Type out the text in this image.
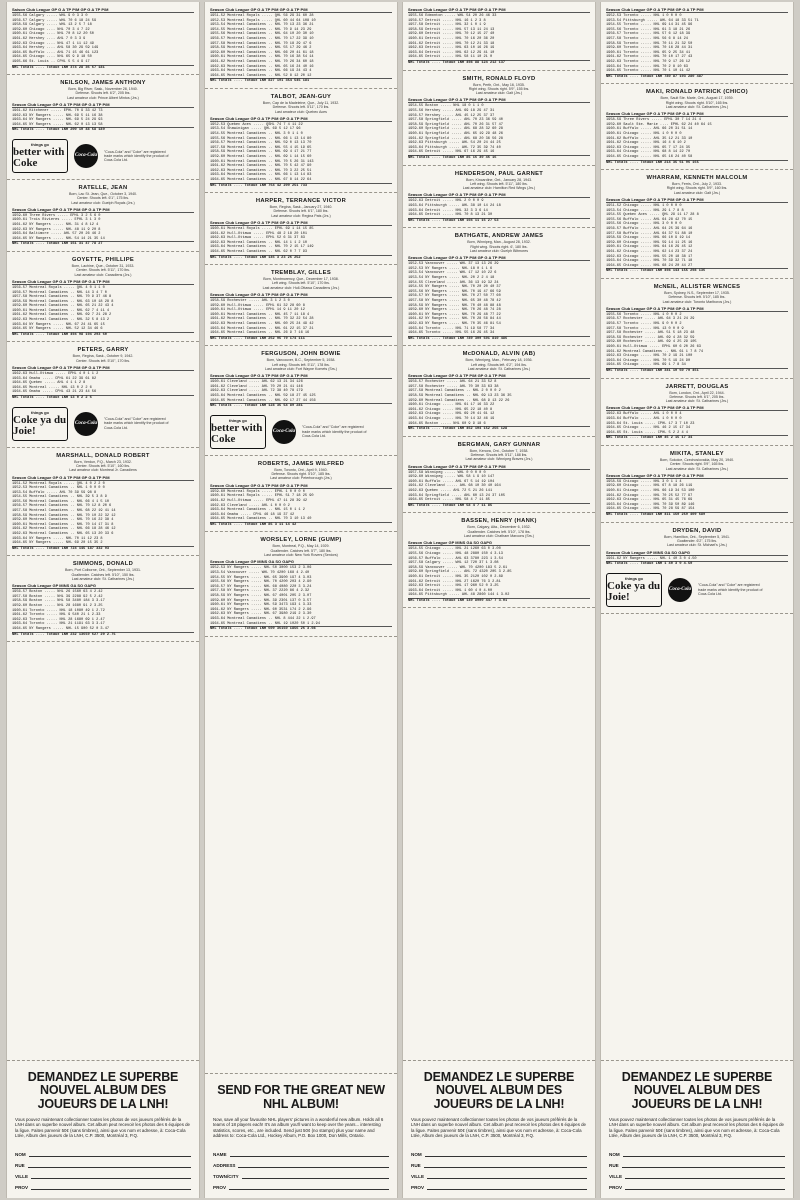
Saison Club League GP G A TP P/M GP G A TP P/M
1955-56 Calgary ..... WHL 9 0 3 3 0
1956-57 Calgary ..... WHL 70 6 18 24 59
1958-59 Calgary ..... WHL 13 2 5 7 18
1959-60 Chicago .... NHL 70 3 4 7 22
1960-61 Chicago .... NHL 70 8 12 20 50
1961-62 Hershey .... AHL 7 0 3 3 9
1962-63 Chicago .... NHL 47 1 11 12 49
1963-64 Hershey .... AHL 58 30 29 59 149
1964-65 Buffalo .... AHL 71 15 46 61 123
1964-65 Chicago .... NHL 65 9 9 18 50
1965-66 St. Louis .. CPHL 5 5 4 9 17
NHL Totals .... Totaux LNH 374 28 36 67 181
NEILSON, JAMES ANTHONY
Born, Big River, Sask., November 28, 1940.
Defense. Shoots left. 6'2", 205 lbs.
Last amateur club: Prince Albert Mintos (Jrs.)
Season Club League GP G A TP P/M GP G A TP P/M
1961-62 Kitchener ..... EPHL 70 9 33 42 73
1962-63 NY Rangers ..... NHL 69 5 11 16 38
1963-64 NY Rangers ..... NHL 69 5 24 29 93
1964-65 NY Rangers ..... NHL 62 0 13 13 58
NHL Totals .... Totaux LNH 200 10 48 58 189
things go
better with Coke
Coca-Cola
"Coca-Cola" and "Coke" are registered trade marks which identify the product of Coca-Cola Ltd.
RATELLE, JEAN
Born, Lac St. Jean, Que., October 3, 1940.
Center. Shoots left. 6'1", 175 lbs.
Last amateur club: Guelph Royals (Jrs.)
Season Club League GP G A TP P/M GP G A TP P/M
1959-60 Three Rivers ..... EPHL 3 2 5 6 0
1960-61 Trois Rivieres ..... EPHL 3 1 3 0
1961-62 NY Rangers ..... NHL 31 4 8 12 4
1962-63 NY Rangers ..... NHL 48 11 9 20 8
1963-64 Baltimore ..... AHL 57 20 26 46 2
1964-65 NY Rangers ..... NHL 54 14 21 35 14
NHL Totals .... Totaux LNH 161 31 47 78 27
GOYETTE, PHILLIPE
Born, Lachine, Que., October 31, 1933.
Center. Shoots left. 5'11", 170 lbs.
Last amateur club: Canadiens (Jrs.)
Season Club League GP G A TP P/M GP G A TP P/M
1956-57 Montreal Royals ..... QHL 4 0 1 1 0
1956-57 Montreal Canadiens .. NHL 14 3 4 7 0
1957-58 Montreal Canadiens .. NHL 70 9 37 46 8
1958-59 Montreal Canadiens .. NHL 63 10 18 28 8
1959-60 Montreal Canadiens .. NHL 65 21 22 43 4
1960-61 Montreal Canadiens .. NHL 62 7 4 11 4
1961-62 Montreal Canadiens .. NHL 69 7 21 28 2
1962-63 Montreal Canadiens .. NHL 32 5 8 13 2
1963-64 NY Rangers ..... NHL 67 24 41 65 15
1964-65 NY Rangers ..... NHL 52 12 34 46 6
NHL Totals .... Totaux LNH 494 98 194 293 60
PETERS, GARRY
Born, Regina, Sask., October 9, 1942.
Center. Shoots left. 5'10", 170 lbs.
Season Club League GP G A TP P/M GP G A TP P/M
1962-63 Hull-Ottawa ..... EPHL 4 0 1 1 2
1963-64 Omaha ..... CPHL 61 22 39 61 82
1964-65 Quebec ..... AHL 4 1 1 2 8
1964-65 Montreal ..... NHL 13 0 2 2 6
1964-65 Omaha ..... CPHL 43 21 23 44 56
NHL Totals .... Totaux LNH 13 0 2 2 6
things go
Coke ya du Joie!
Coca-Cola
"Coca-Cola" and "Coke" are registered trade marks which identify the product of Coca-Cola Ltd.
MARSHALL, DONALD ROBERT
Born, Verdun, P.Q., March 23, 1932.
Center. Shoots left. 5'10", 160 lbs.
Last amateur club: Montreal Jr. Canadiens
Season Club League GP G A TP P/M GP G A TP P/M
1951-52 Montreal Royals ..... QHL 4 0 2 2 0
1952-53 Montreal Canadiens .. NHL 1 0 0 0 0
1953-54 Buffalo ..... AHL 70 39 59 98 8
1954-55 Montreal Canadiens .. NHL 39 5 3 8 9
1955-56 Montreal Canadiens .. NHL 66 4 1 5 10
1956-57 Montreal Canadiens .. NHL 70 12 8 20 6
1957-58 Montreal Canadiens .. NHL 68 22 19 41 14
1958-59 Montreal Canadiens .. NHL 70 10 22 32 12
1959-60 Montreal Canadiens .. NHL 70 16 22 38 4
1960-61 Montreal Canadiens .. NHL 70 14 17 31 8
1961-62 Montreal Canadiens .. NHL 66 18 28 46 12
1962-63 Montreal Canadiens .. NHL 65 13 20 33 6
1963-64 NY Rangers ..... NHL 70 11 12 23 8
1964-65 NY Rangers ..... NHL 69 20 15 35 2
NHL Totals .... Totaux LNH 724 145 187 332 93
SIMMONS, DONALD
Born, Port Colborne, Ont., September 13, 1931.
Goaltender. Catches left. 5'10", 150 lbs.
Last amateur club: St. Catharines (Jrs.)
Season Club League GP MINS GA SO GAPG
1956-57 Boston ..... NHL 26 1560 63 4 2.42
1957-58 Boston ..... NHL 39 2288 92 5 2.42
1958-59 Boston ..... NHL 58 3480 184 3 3.17
1959-60 Boston ..... NHL 28 1680 91 2 3.25
1960-61 Toronto ..... NHL 18 1080 49 1 2.72
1961-62 Toronto ..... NHL 9 540 21 1 2.33
1962-63 Toronto ..... NHL 28 1680 69 1 2.47
1963-64 Toronto ..... NHL 21 1191 63 3 3.17
1964-65 NY Rangers ..... NHL 15 900 52 0 3.47
NHL Totals .... Totaux LNH 232 13659 627 20 2.75
DEMANDEZ LE SUPERBE NOUVEL ALBUM DES JOUEURS DE LA LNH!
Vous pouvez maintenant collectionner toutes les photos de vos joueurs préférés de la LNH dans un superbe nouvel album. Cet album peut recevoir les photos des 6 équipes de la ligue. Faites parvenir 50¢ (sans timbres), ainsi que vos nom et adresse, à: Coca-Cola Ltée, Album des joueurs de la LNH, C.P. 3500, Montréal 3, P.Q.
NOM
RUE
VILLE
PROV
Season Club League GP G A TP P/M GP G A TP P/M
1951-52 Montreal Royals ..... QHL 56 29 31 60 28
1952-53 Montreal Royals ..... QHL 60 44 64 108 10
1953-54 Montreal Canadiens .. NHL 70 13 23 36 21
1954-55 Montreal Canadiens .. NHL 70 9 14 23 29
1955-56 Montreal Canadiens .. NHL 64 10 20 30 10
1956-57 Montreal Canadiens .. NHL 70 17 22 39 10
1957-58 Montreal Canadiens .. NHL 70 18 29 47 6
1958-59 Montreal Canadiens .. NHL 55 17 29 46 2
1959-60 Montreal Canadiens .. NHL 66 20 41 61 18
1960-61 Montreal Canadiens .. NHL 70 16 38 54 14
1961-62 Montreal Canadiens .. NHL 70 26 34 60 18
1962-63 Montreal Canadiens .. NHL 65 16 24 40 16
1963-64 Montreal Canadiens .. NHL 66 19 24 43 4
1964-65 Montreal Canadiens .. NHL 52 8 12 20 12
NHL Totals .... Totaux LNH 827 191 354 545 181
TALBOT, JEAN-GUY
Born, Cap de la Madeleine, Que., July 11, 1932.
Defense. Shoots left. 5'11", 170 lbs.
Last amateur club: Quebec Aces
Season Club League GP G A TP P/M GP G A TP P/M
1952-53 Quebec Aces ..... QSHL 74 7 4 11 22
1953-54 Shawinigan ..... QHL 69 5 12 17 96
1954-55 Montreal Canadiens .. NHL 3 0 1 1 0
1955-56 Montreal Canadiens .. NHL 66 1 13 14 80
1956-57 Montreal Canadiens .. NHL 59 0 13 13 70
1957-58 Montreal Canadiens .. NHL 55 4 15 19 65
1958-59 Montreal Canadiens .. NHL 69 4 17 21 77
1959-60 Montreal Canadiens .. NHL 69 1 14 15 60
1960-61 Montreal Canadiens .. NHL 70 5 26 31 143
1961-62 Montreal Canadiens .. NHL 70 5 42 47 90
1962-63 Montreal Canadiens .. NHL 70 3 22 25 51
1963-64 Montreal Canadiens .. NHL 66 1 13 14 83
1964-65 Montreal Canadiens .. NHL 67 8 14 22 64
NHL Totals .... Totaux LNH 764 42 209 251 733
HARPER, TERRANCE VICTOR
Born, Regina, Sask., January 27, 1940.
Defense. Shoots left. 6'1", 180 lbs.
Last amateur club: Regina Pats (Jrs.)
Season Club League GP G A TP P/M GP G A TP P/M
1960-61 Montreal Royals ..... EPHL 69 1 14 15 85
1961-62 Hull-Ottawa ..... EPHL 48 2 18 20 101
1962-63 Hull-Ottawa ..... EPHL 52 6 31 37 83
1962-63 Montreal Canadiens .. NHL 14 1 1 2 10
1963-64 Montreal Canadiens .. NHL 70 2 15 17 149
1964-65 Montreal Canadiens .. NHL 62 0 7 7 93
NHL Totals .... Totaux LNH 146 3 23 26 252
TREMBLAY, GILLES
Born, Montmorency, Que., December 17, 1938.
Left wing. Shoots left. 5'10", 170 lbs.
Last amateur club: Hull-Ottawa Canadiens (Jrs.)
Season Club League GP G A TP P/M GP G A TP P/M
1958-59 Rochester ..... AHL 3 1 2 3 0
1959-60 Hull-Ottawa ..... EPHL 61 32 28 60 8
1960-61 Hull-Ottawa ..... EPHL 14 9 11 20 12
1960-61 Montreal Canadiens .. NHL 45 7 11 18 4
1961-62 Montreal Canadiens .. NHL 70 32 22 54 28
1962-63 Montreal Canadiens .. NHL 60 25 24 49 42
1963-64 Montreal Canadiens .. NHL 61 22 15 37 21
1964-65 Montreal Canadiens .. NHL 26 9 7 16 16
NHL Totals .... Totaux LNH 262 95 79 174 111
FERGUSON, JOHN BOWIE
Born, Vancouver, B.C., September 5, 1938.
Left wing. Shoots left. 5'11", 178 lbs.
Last amateur club: Fort Wayne Komets (Srs.)
Season Club League GP G A TP P/M GP G A TP P/M
1960-61 Cleveland ..... AHL 62 13 21 34 126
1961-62 Cleveland ..... AHL 70 20 21 41 146
1962-63 Cleveland ..... AHL 72 38 40 78 179
1963-64 Montreal Canadiens .. NHL 59 18 27 45 125
1964-65 Montreal Canadiens .. NHL 69 17 27 44 156
NHL Totals .... Totaux LNH 128 35 54 89 281
things go
better with Coke
Coca-Cola
"Coca-Cola" and "Coke" are registered trade marks which identify the product of Coca-Cola Ltd.
ROBERTS, JAMES WILFRED
Born, Toronto, Ont., April 9, 1940.
Defense. Shoots right. 5'10", 185 lbs.
Last amateur club: Peterborough (Jrs.)
Season Club League GP G A TP P/M GP G A TP P/M
1959-60 Montreal Royals ..... EPHL 1 0 0 0 0
1960-61 Montreal Royals ..... EPHL 51 7 18 25 90
1961-62 Hull-Ottawa ..... EPHL 47 11 28 39 42
1962-63 Cleveland ..... AHL 1 0 0 0 2
1963-64 Montreal Canadiens .. NHL 15 0 1 1 2
1963-64 Omaha ..... CPHL 46 18 19 37 42
1964-65 Montreal Canadiens .. NHL 70 3 10 13 40
NHL Totals .... Totaux LNH 85 3 11 14 42
WORSLEY, LORNE (GUMP)
Born, Montreal, P.Q., May 14, 1929.
Goaltender. Catches left. 5'7", 180 lbs.
Last amateur club: New York Rovers (Seniors)
Season Club League GP MINS GA SO GAPG
1952-53 NY Rangers ..... NHL 50 3000 153 2 3.06
1953-54 Vancouver ..... WHL 70 4200 168 4 2.40
1954-55 NY Rangers ..... NHL 65 3900 197 4 3.03
1955-56 NY Rangers ..... NHL 70 4200 203 4 2.90
1956-57 NY Rangers ..... NHL 68 4080 220 3 3.24
1957-58 NY Rangers ..... NHL 37 2220 86 4 2.32
1958-59 NY Rangers ..... NHL 67 4001 205 2 3.07
1959-60 NY Rangers ..... NHL 39 2301 137 0 3.57
1960-61 NY Rangers ..... NHL 59 3473 193 1 3.33
1961-62 NY Rangers ..... NHL 60 3531 174 2 2.96
1962-63 NY Rangers ..... NHL 67 3980 219 2 3.30
1963-64 Montreal Canadiens .. NHL 8 444 22 1 2.97
1964-65 Montreal Canadiens .. NHL 19 1020 50 1 2.94
NHL Totals .... Totaux LNH 609 36150 1856 26 3.08
SEND FOR THE GREAT NEW NHL ALBUM!
Now, save all your favourite NHL players' pictures in a wonderful new album. Holds all 6 teams of 18 players each! It's an album you'll want to keep over the years... interesting statistics, scores, etc., are included. Send just 50¢ (no stamps) plus your name and address to: Coca-Cola Ltd., Hockey Album, P.O. Box 1000, Don Mills, Ontario.
NAME
ADDRESS
TOWN/CITY
PROV
Season Club League GP G A TP P/M GP G A TP P/M
1955-56 Edmonton ..... WHL 54 20 26 46 33
1956-57 Detroit ..... NHL 16 1 2 3 8
1957-58 Detroit ..... NHL 32 1 0 1 9
1958-59 Detroit ..... NHL 57 13 11 24 13
1959-60 Detroit ..... NHL 70 12 15 27 40
1960-61 Detroit ..... NHL 70 16 20 36 20
1961-62 Detroit ..... NHL 70 12 21 33 18
1962-63 Detroit ..... NHL 63 10 16 26 19
1963-64 Detroit ..... NHL 62 12 29 41 10
1964-65 Detroit ..... NHL 58 11 10 21 0
NHL Totals .... Totaux LNH 498 88 124 212 137
SMITH, RONALD FLOYD
Born, Perth, Ont., May 16, 1935.
Right wing. Shoots right. 5'9", 155 lbs.
Last amateur club: Galt (Jrs.)
Season Club League GP G A TP P/M GP G A TP P/M
1954-55 Boston ..... NHL 18 0 1 1 0
1955-56 Hershey ..... AHL 69 18 29 47 31
1956-57 Hershey ..... AHL 45 12 25 37 37
1957-58 Springfield ..... AHL 70 23 36 59 40
1958-59 Springfield ..... AHL 70 26 31 57 47
1959-60 Springfield ..... AHL 68 28 32 60 28
1960-61 Springfield ..... AHL 65 19 29 48 26
1961-62 Springfield ..... AHL 68 20 36 56 28
1962-63 Pittsburgh ..... AHL 54 20 24 44 25
1963-64 Pittsburgh ..... AHL 72 35 39 74 40
1964-65 Detroit ..... NHL 67 16 29 45 16
NHL Totals .... Totaux LNH 85 16 30 46 16
HENDERSON, PAUL GARNET
Born, Kincardine, Ont., January 28, 1943.
Left wing. Shoots left. 5'11", 180 lbs.
Last amateur club: Hamilton Red Wings (Jrs.)
Season Club League GP G A TP P/M GP G A TP P/M
1962-63 Detroit ..... NHL 2 0 0 0 9
1963-64 Pittsburgh ..... AHL 38 10 14 24 18
1963-64 Detroit ..... NHL 32 3 3 6 14
1964-65 Detroit ..... NHL 70 8 13 21 30
NHL Totals .... Totaux LNH 104 11 16 27 53
BATHGATE, ANDREW JAMES
Born, Winnipeg, Man., August 28, 1932.
Right wing. Shoots right. 6', 180 lbs.
Last amateur club: Guelph Biltmores
Season Club League GP G A TP P/M GP G A TP P/M
1952-53 Vancouver ..... WHL 37 13 13 26 29
1952-53 NY Rangers ..... NHL 18 0 1 1 6
1953-54 Vancouver ..... WHL 17 12 10 22 6
1953-54 NY Rangers ..... NHL 20 2 2 4 18
1954-55 Cleveland ..... AHL 36 13 19 32 24
1954-55 NY Rangers ..... NHL 70 20 20 40 37
1955-56 NY Rangers ..... NHL 70 19 47 66 59
1956-57 NY Rangers ..... NHL 70 27 50 77 60
1957-58 NY Rangers ..... NHL 65 30 48 78 42
1958-59 NY Rangers ..... NHL 70 40 48 88 48
1959-60 NY Rangers ..... NHL 70 26 48 74 28
1960-61 NY Rangers ..... NHL 70 29 48 77 22
1961-62 NY Rangers ..... NHL 70 28 56 84 44
1962-63 NY Rangers ..... NHL 70 35 46 81 54
1963-64 Toronto ..... NHL 71 19 58 77 34
1964-65 Toronto ..... NHL 55 16 29 45 34
NHL Totals .... Totaux LNH 789 309 501 810 486
McDONALD, ALVIN (AB)
Born, Winnipeg, Man., February 18, 1936.
Left wing. Shoots left. 6'2", 194 lbs.
Last amateur club: St. Catharines (Jrs.)
Season Club League GP G A TP P/M GP G A TP P/M
1956-57 Rochester ..... AHL 64 21 33 52 8
1957-58 Rochester ..... AHL 70 30 33 63 38
1957-58 Montreal Canadiens .. NHL 2 0 0 0 2
1958-59 Montreal Canadiens .. NHL 69 13 23 36 35
1959-60 Montreal Canadiens .. NHL 68 9 13 22 26
1960-61 Chicago ..... NHL 61 17 16 33 22
1961-62 Chicago ..... NHL 65 22 18 40 8
1962-63 Chicago ..... NHL 69 20 41 61 12
1963-64 Chicago ..... NHL 70 14 32 46 19
1964-65 Boston ..... NHL 60 9 9 18 6
NHL Totals .... Totaux LNH 462 104 152 256 128
BERGMAN, GARY GUNNAR
Born, Kenora, Ont., October 7, 1938.
Defense. Shoots left. 5'11", 188 lbs.
Last amateur club: Winnipeg Braves (Jrs.)
Season Club League GP G A TP P/M GP G A TP P/M
1957-58 Winnipeg ..... WHL 0 0 0 0 0
1959-60 Winnipeg ..... WHL 58 1 9 10 147
1960-61 Buffalo ..... AHL 67 5 14 19 104
1961-62 Cleveland ..... AHL 68 10 30 40 164
1962-63 Quebec ..... AHL 72 5 21 26 141
1963-64 Springfield ..... AHL 60 13 24 37 105
1964-65 Detroit ..... NHL 58 4 7 11 85
NHL Totals .... Totaux LNH 58 4 7 11 85
BASSEN, HENRY (HANK)
Born, Calgary, Alta., December 6, 1932.
Goaltender. Catches left. 5'10", 178 lbs.
Last amateur club: Chatham Maroons (Srs.)
Season Club League GP MINS GA SO GAPG
1954-55 Chicago ..... NHL 21 1260 63 0 3.00
1955-56 Chicago ..... NHL 48 2880 150 4 3.13
1956-57 Buffalo ..... AHL 63 3780 223 1 3.54
1957-58 Calgary ..... WHL 12 720 37 1 3.08
1958-59 Vancouver ..... WHL 70 4200 183 5 2.61
1959-60 Springfield ..... AHL 72 4320 205 3 2.85
1960-61 Detroit ..... NHL 35 2120 102 0 2.89
1961-62 Detroit ..... NHL 27 1620 76 3 2.81
1962-63 Detroit ..... NHL 17 960 52 0 3.25
1963-64 Detroit ..... NHL 1 60 4 0 4.00
1964-65 Pittsburgh ..... AHL 48 2860 144 1 3.02
NHL Totals .... Totaux LNH 149 8900 447 7 3.01
DEMANDEZ LE SUPERBE NOUVEL ALBUM DES JOUEURS DE LA LNH!
Vous pouvez maintenant collectionner toutes les photos de vos joueurs préférés de la LNH dans un superbe nouvel album. Cet album peut recevoir les photos des 6 équipes de la ligue. Faites parvenir 50¢ (sans timbres), ainsi que vos nom et adresse, à: Coca-Cola Ltée, Album des joueurs de la LNH, C.P. 3500, Montréal 3, P.Q.
NOM
RUE
VILLE
PROV
Season Club League GP G A TP P/M GP G A TP P/M
1952-53 Toronto ..... NHL 1 0 0 0 0
1953-54 Pittsburgh ..... AHL 64 18 33 51 71
1954-55 Toronto ..... NHL 69 14 31 45 96
1955-56 Toronto ..... NHL 61 3 18 21 26
1956-57 Toronto ..... NHL 57 6 12 18 39
1957-58 Toronto ..... NHL 56 6 8 14 24
1958-59 Toronto ..... NHL 70 11 21 32 50
1959-60 Toronto ..... NHL 70 16 28 44 31
1960-61 Toronto ..... NHL 65 9 25 34 41
1961-62 Toronto ..... NHL 70 10 17 27 43
1962-63 Toronto ..... NHL 70 9 17 26 12
1963-64 Toronto ..... NHL 70 2 8 10 63
1964-65 Toronto ..... NHL 70 1 10 11 42
NHL Totals .... Totaux LNH 780 87 193 280 487
MAKI, RONALD PATRICK (CHICO)
Born, Sault Ste. Marie, Ont., August 17, 1939.
Right wing. Shoots right. 5'10", 165 lbs.
Last amateur club: St. Catharines (Jrs.)
Season Club League GP G A TP P/M GP G A TP P/M
1958-59 Three Rivers ..... EPHL 30 7 14 21 4
1959-60 Sault Ste. Marie .... EPHL 62 24 40 64 15
1960-61 Buffalo ..... AHL 66 20 31 51 14
1960-61 Chicago ..... NHL 1 0 0 0 0
1961-62 Buffalo ..... AHL 35 12 21 33 10
1961-62 Chicago ..... NHL 16 4 6 10 2
1962-63 Chicago ..... NHL 65 7 17 24 35
1963-64 Chicago ..... NHL 68 8 14 22 70
1964-65 Chicago ..... NHL 65 16 24 40 58
NHL Totals .... Totaux LNH 214 35 61 96 165
WHARRAM, KENNETH MALCOLM
Born, Ferris, Ont., July 2, 1933.
Right wing. Shoots right. 5'9", 160 lbs.
Last amateur club: Galt (Jrs.)
Season Club League GP G A TP P/M GP G A TP P/M
1951-52 Chicago ..... NHL 1 0 0 0 0
1953-54 Chicago ..... NHL 29 1 7 8 8
1954-55 Quebec Aces ..... QHL 29 11 17 28 8
1955-56 Buffalo ..... AHL 64 28 42 70 15
1955-56 Chicago ..... NHL 3 0 0 0 0
1956-57 Buffalo ..... AHL 64 25 39 64 16
1957-58 Buffalo ..... AHL 64 37 51 88 10
1958-59 Chicago ..... NHL 66 10 9 19 14
1959-60 Chicago ..... NHL 59 14 11 25 16
1960-61 Chicago ..... NHL 64 16 29 45 12
1961-62 Chicago ..... NHL 62 14 23 37 24
1962-63 Chicago ..... NHL 55 20 18 38 17
1963-64 Chicago ..... NHL 70 39 32 71 18
1964-65 Chicago ..... NHL 68 24 20 44 27
NHL Totals .... Totaux LNH 498 143 155 298 136
McNEIL, ALLISTER WENCES
Born, Sydney, N.S., September 17, 1935.
Defense. Shoots left. 5'10", 185 lbs.
Last amateur club: Toronto Marlboros (Jrs.)
Season Club League GP G A TP P/M GP G A TP P/M
1955-56 Toronto ..... NHL 1 0 0 0 2
1956-57 Rochester ..... AHL 64 3 21 24 29
1956-57 Toronto ..... NHL 9 0 0 0 2
1957-58 Toronto ..... NHL 13 0 0 0 9
1957-58 Rochester ..... AHL 51 5 18 23 48
1958-59 Rochester ..... AHL 69 4 28 32 59
1959-60 Rochester ..... AHL 69 4 25 29 105
1960-61 Hull-Ottawa ..... EPHL 60 6 20 26 63
1961-62 Montreal Canadiens .. NHL 61 1 7 8 74
1962-63 Chicago ..... NHL 70 2 19 21 100
1963-64 Chicago ..... NHL 70 5 19 24 90
1964-65 Chicago ..... NHL 69 1 7 8 34
NHL Totals .... Totaux LNH 341 10 60 70 461
JARRETT, DOUGLAS
Born, London, Ont., April 22, 1944.
Defense. Shoots left. 6'1", 205 lbs.
Last amateur club: St. Catharines (Jrs.)
Season Club League GP G A TP P/M GP G A TP P/M
1962-63 Buffalo ..... AHL 1 0 0 0 4
1963-64 Buffalo ..... AHL 1 0 0 0 0
1963-64 St. Louis ..... CPHL 17 3 7 10 23
1964-65 Chicago ..... NHL 46 2 15 17 34
1964-65 St. Louis ..... CPHL 5 2 2 4 4
NHL Totals .... Totaux LNH 46 2 15 17 34
MIKITA, STANLEY
Born, Sokolce, Czechoslovakia, May 20, 1940.
Center. Shoots right. 5'9", 165 lbs.
Last amateur club: St. Catharines (Jrs.)
Season Club League GP G A TP P/M GP G A TP P/M
1958-59 Chicago ..... NHL 3 0 1 1 4
1959-60 Chicago ..... NHL 67 8 18 26 119
1960-61 Chicago ..... NHL 66 19 34 53 100
1961-62 Chicago ..... NHL 70 25 52 77 97
1962-63 Chicago ..... NHL 65 31 45 76 69
1963-64 Chicago ..... NHL 70 39 50 89 146
1964-65 Chicago ..... NHL 70 28 59 87 154
NHL Totals .... Totaux LNH 411 150 259 409 689
DRYDEN, DAVID
Born, Hamilton, Ont., September 5, 1941.
Goaltender. 6'2", 175 lbs.
Last amateur club: St. Michael's (Jrs.)
Season Club League GP MINS GA SO GAPG
1961-62 NY Rangers ..... NHL 1 40 3 0 4.50
NHL Totals .... Totaux LNH 1 40 3 0 4.50
things go
Coke ya du Joie!
Coca-Cola
"Coca-Cola" and "Coke" are registered trade marks which identify the product of Coca-Cola Ltd.
DEMANDEZ LE SUPERBE NOUVEL ALBUM DES JOUEURS DE LA LNH!
Vous pouvez maintenant collectionner toutes les photos de vos joueurs préférés de la LNH dans un superbe nouvel album. Cet album peut recevoir les photos des 6 équipes de la ligue. Faites parvenir 50¢ (sans timbres), ainsi que vos nom et adresse, à: Coca-Cola Ltée, Album des joueurs de la LNH, C.P. 3500, Montréal 3, P.Q.
NOM
RUE
VILLE
PROV
